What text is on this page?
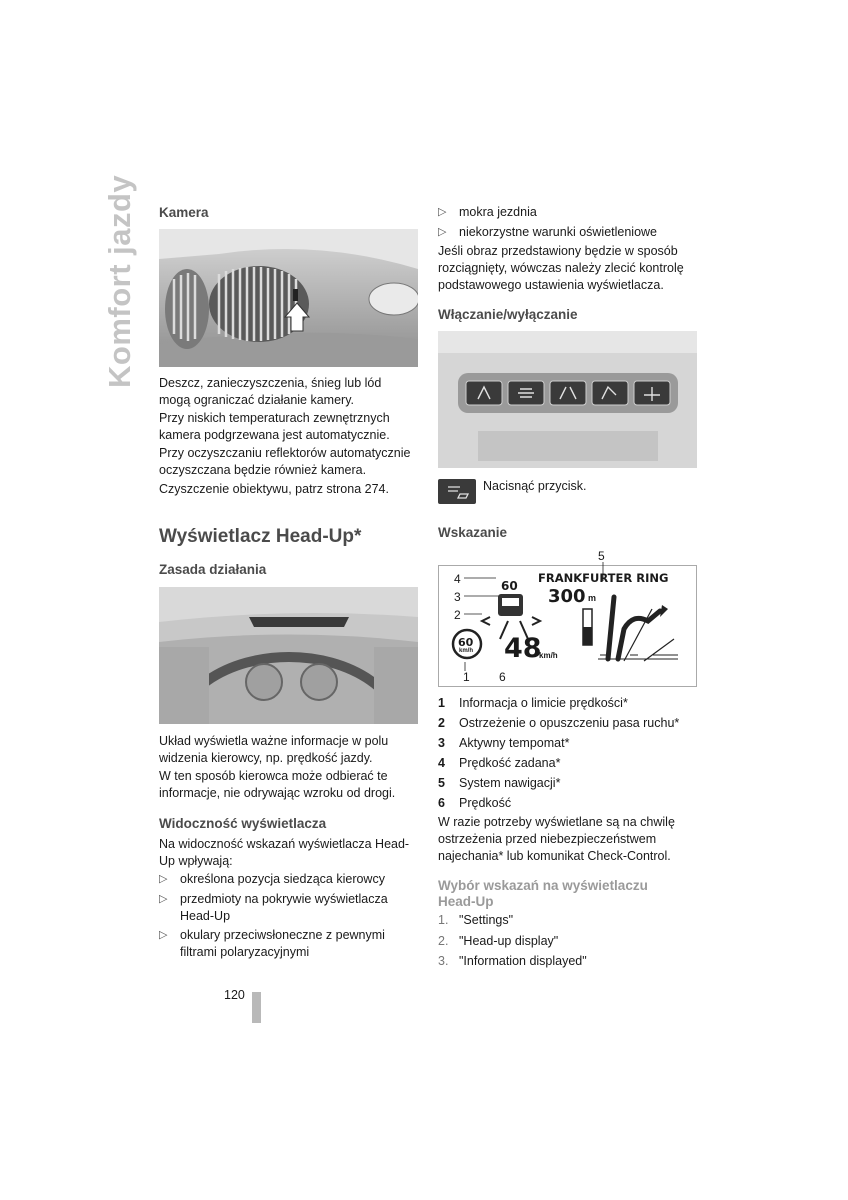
Komfort jazdy Kamera

Deszcz, zanieczyszczenia, śnieg lub lód mogą ograniczać działanie kamery.

Przy niskich temperaturach zewnętrznych kamera podgrzewana jest automatycznie.

Przy oczyszczaniu reflektorów automatycznie oczyszczana będzie również kamera.

Czyszczenie obiektywu, patrz strona 274.

Wyświetlacz Head-Up*
Zasada działania

Układ wyświetla ważne informacje w polu widzenia kierowcy, np. prędkość jazdy.

W ten sposób kierowca może odbierać te informacje, nie odrywając wzroku od drogi.

Widoczność wyświetlacza

Na widoczność wskazań wyświetlacza Head-Up wpływają:

▷ określona pozycja siedząca kierowcy
▷ przedmioty na pokrywie wyświetlacza Head-Up
▷ okulary przeciwsłoneczne z pewnymi filtrami polaryzacyjnymi
120
▷ mokra jezdnia
▷ niekorzystne warunki oświetleniowe

Jeśli obraz przedstawiony będzie w sposób rozciągnięty, wówczas należy zlecić kontrolę podstawowego ustawienia wyświetlacza.

Włączanie/wyłączanie
Nacisnąć przycisk.
Wskazanie
5
4
3
2
1 6
60
FRANKFURTER RING
300 m
60
km/h 48
km/h
1 Informacja o limicie prędkości*
2 Ostrzeżenie o opuszczeniu pasa ruchu*
3 Aktywny tempomat*
4 Prędkość zadana*
5 System nawigacji*
6 Prędkość

W razie potrzeby wyświetlane są na chwilę ostrzeżenia przed niebezpieczeństwem najechania* lub komunikat Check-Control.

Wybór wskazań na wyświetlaczu Head-Up
1. "Settings"
2. "Head-up display"
3. "Information displayed"
